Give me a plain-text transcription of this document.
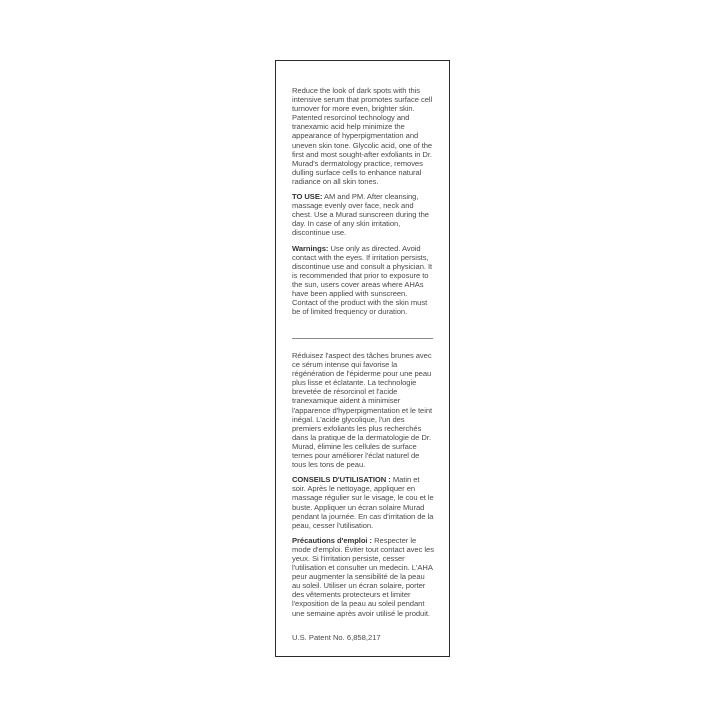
Reduce the look of dark spots with this intensive serum that promotes surface cell turnover for more even, brighter skin. Patented resorcinol technology and tranexamic acid help minimize the appearance of hyperpigmentation and uneven skin tone. Glycolic acid, one of the first and most sought-after exfoliants in Dr. Murad's dermatology practice, removes dulling surface cells to enhance natural radiance on all skin tones.

TO USE: AM and PM. After cleansing, massage evenly over face, neck and chest. Use a Murad sunscreen during the day. In case of any skin irritation, discontinue use.

Warnings: Use only as directed. Avoid contact with the eyes. If irritation persists, discontinue use and consult a physician. It is recommended that prior to exposure to the sun, users cover areas where AHAs have been applied with sunscreen. Contact of the product with the skin must be of limited frequency or duration.

Réduisez l'aspect des tâches brunes avec ce sérum intense qui favorise la régénération de l'épiderme pour une peau plus lisse et éclatante. La technologie brevetée de résorcinol et l'acide tranexamique aident à minimiser l'apparence d'hyperpigmentation et le teint inégal. L'acide glycolique, l'un des premiers exfoliants les plus recherchés dans la pratique de la dermatologie de Dr. Murad, élimine les cellules de surface ternes pour améliorer l'éclat naturel de tous les tons de peau.

CONSEILS D'UTILISATION : Matin et soir. Après le nettoyage, appliquer en massage régulier sur le visage, le cou et le buste. Appliquer un écran solaire Murad pendant la journée. En cas d'irritation de la peau, cesser l'utilisation.

Précautions d'emploi : Respecter le mode d'emploi. Éviter tout contact avec les yeux. Si l'irritation persiste, cesser l'utilisation et consulter un medecin. L'AHA peur augmenter la sensibilité de la peau au soleil. Utiliser un écran solaire, porter des vêtements protecteurs et limiter l'exposition de la peau au soleil pendant une semaine après avoir utilisé le produit.

U.S. Patent No. 6,858,217
